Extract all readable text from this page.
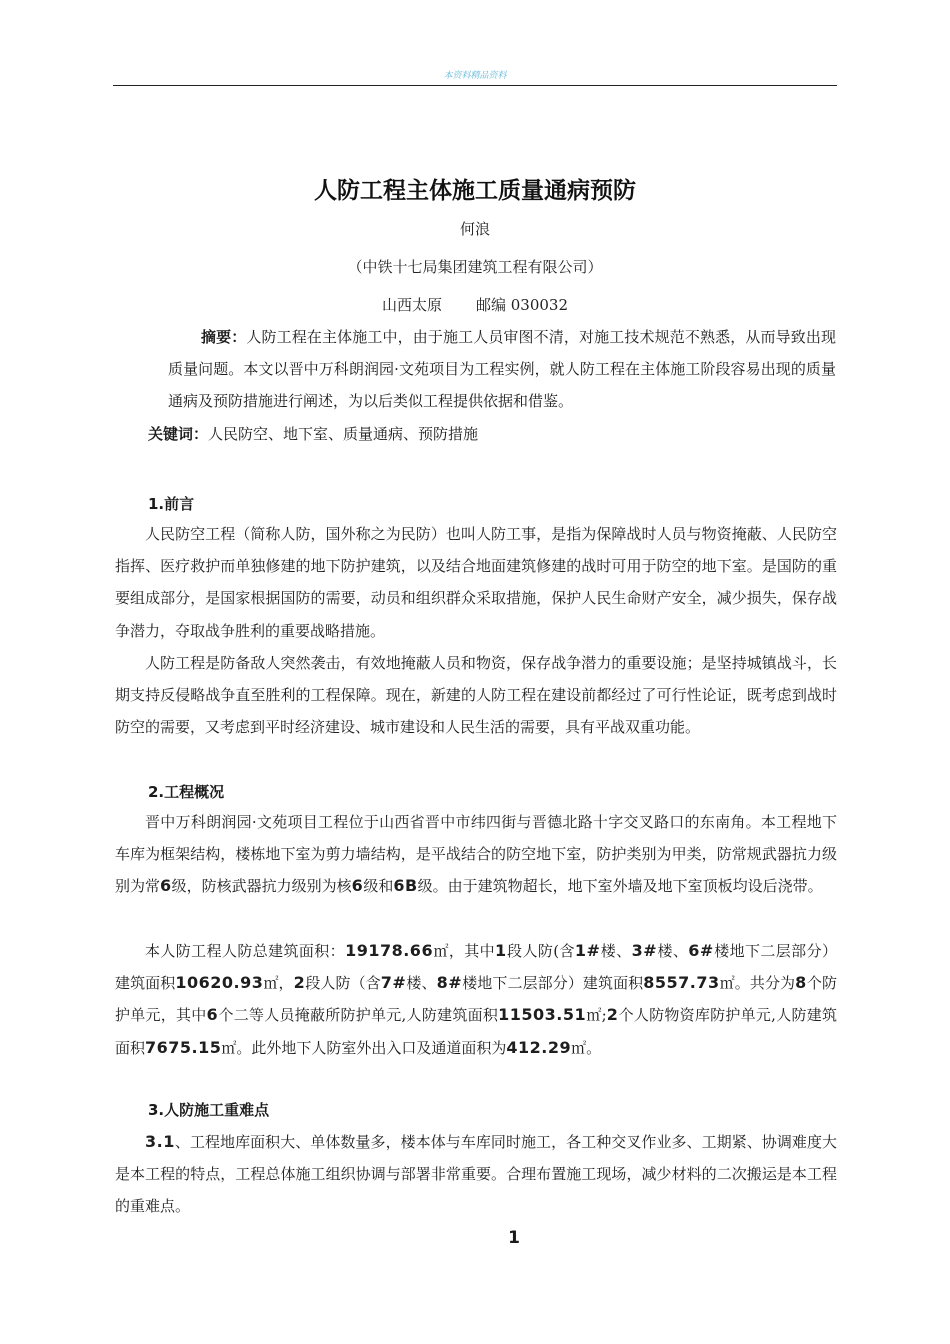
本资料精品资料
人防工程主体施工质量通病预防
何浪
（中铁十七局集团建筑工程有限公司）
山西太原 邮编 030032
摘要：人防工程在主体施工中，由于施工人员审图不清，对施工技术规范不熟悉，从而导致出现质量问题。本文以晋中万科朗润园·文苑项目为工程实例，就人防工程在主体施工阶段容易出现的质量通病及预防措施进行阐述，为以后类似工程提供依据和借鉴。
关键词：人民防空、地下室、质量通病、预防措施
1.前言
人民防空工程（简称人防，国外称之为民防）也叫人防工事，是指为保障战时人员与物资掩蔽、人民防空指挥、医疗救护而单独修建的地下防护建筑，以及结合地面建筑修建的战时可用于防空的地下室。是国防的重要组成部分，是国家根据国防的需要，动员和组织群众采取措施，保护人民生命财产安全，减少损失，保存战争潜力，夺取战争胜利的重要战略措施。
人防工程是防备敌人突然袭击，有效地掩蔽人员和物资，保存战争潜力的重要设施；是坚持城镇战斗，长期支持反侵略战争直至胜利的工程保障。现在，新建的人防工程在建设前都经过了可行性论证，既考虑到战时防空的需要，又考虑到平时经济建设、城市建设和人民生活的需要，具有平战双重功能。
2.工程概况
晋中万科朗润园·文苑项目工程位于山西省晋中市纬四街与晋德北路十字交叉路口的东南角。本工程地下车库为框架结构，楼栋地下室为剪力墙结构，是平战结合的防空地下室，防护类别为甲类，防常规武器抗力级别为常6级，防核武器抗力级别为核6级和6B级。由于建筑物超长，地下室外墙及地下室顶板均设后浇带。
本人防工程人防总建筑面积：19178.66㎡，其中1段人防(含1#楼、3#楼、6#楼地下二层部分）建筑面积10620.93㎡，2段人防（含7#楼、8#楼地下二层部分）建筑面积8557.73㎡。共分为8个防护单元，其中6个二等人员掩蔽所防护单元,人防建筑面积11503.51㎡;2个人防物资库防护单元,人防建筑面积7675.15㎡。此外地下人防室外出入口及通道面积为412.29㎡。
3.人防施工重难点
3.1、工程地库面积大、单体数量多，楼本体与车库同时施工，各工种交叉作业多、工期紧、协调难度大是本工程的特点，工程总体施工组织协调与部署非常重要。合理布置施工现场，减少材料的二次搬运是本工程的重难点。
1
